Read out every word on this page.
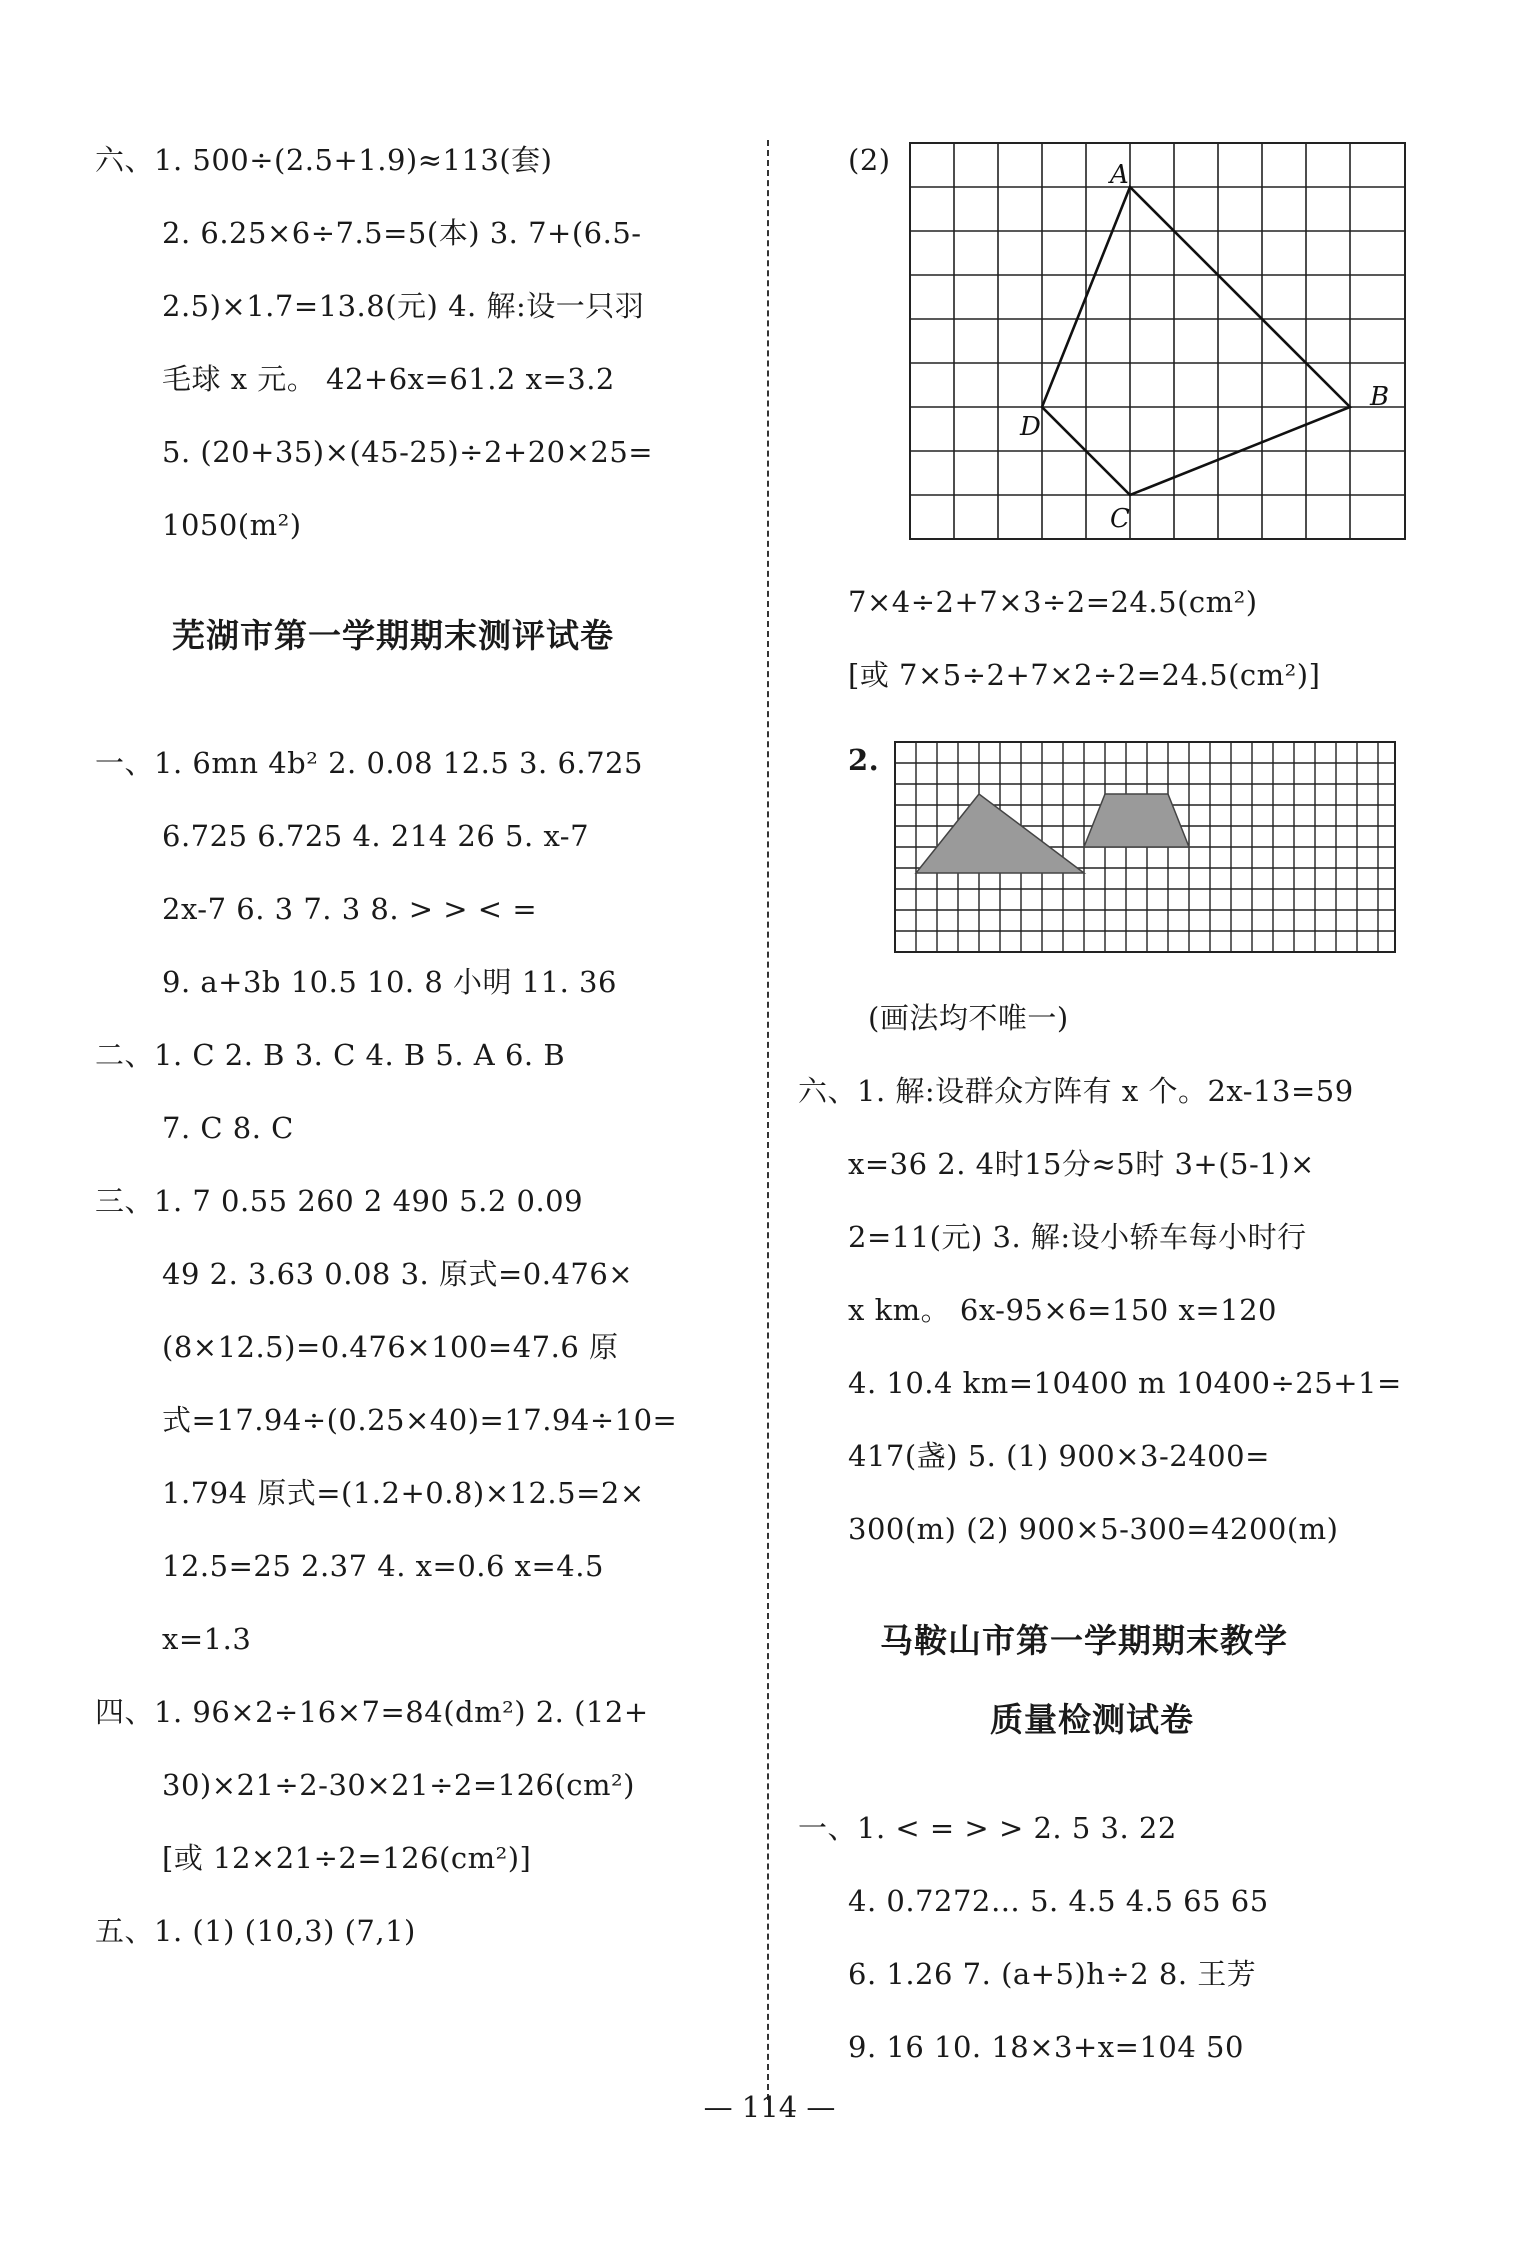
六、1. 500÷(2.5+1.9)≈113(套)
2. 6.25×6÷7.5=5(本) 3. 7+(6.5-
2.5)×1.7=13.8(元) 4. 解:设一只羽
毛球 x 元。 42+6x=61.2 x=3.2
5. (20+35)×(45-25)÷2+20×25=
1050(m²)
芜湖市第一学期期末测评试卷
一、1. 6mn 4b² 2. 0.08 12.5 3. 6.725
6.725 6.725 4. 214 26 5. x-7
2x-7 6. 3 7. 3 8. > > < =
9. a+3b 10.5 10. 8 小明 11. 36
二、1. C 2. B 3. C 4. B 5. A 6. B
7. C 8. C
三、1. 7 0.55 260 2 490 5.2 0.09
49 2. 3.63 0.08 3. 原式=0.476×
(8×12.5)=0.476×100=47.6 原
式=17.94÷(0.25×40)=17.94÷10=
1.794 原式=(1.2+0.8)×12.5=2×
12.5=25 2.37 4. x=0.6 x=4.5
x=1.3
四、1. 96×2÷16×7=84(dm²) 2. (12+
30)×21÷2-30×21÷2=126(cm²)
[或 12×21÷2=126(cm²)]
五、1. (1) (10,3) (7,1)
(2)	A
B
C
D
7×4÷2+7×3÷2=24.5(cm²)
[或 7×5÷2+7×2÷2=24.5(cm²)]
2.
(画法均不唯一)
六、1. 解:设群众方阵有 x 个。2x-13=59
x=36 2. 4时15分≈5时 3+(5-1)×
2=11(元) 3. 解:设小轿车每小时行
x km。 6x-95×6=150 x=120
4. 10.4 km=10400 m 10400÷25+1=
417(盏) 5. (1) 900×3-2400=
300(m) (2) 900×5-300=4200(m)
马鞍山市第一学期期末教学
质量检测试卷
一、1. < = > > 2. 5 3. 22
4. 0.7272… 5. 4.5 4.5 65 65
6. 1.26 7. (a+5)h÷2 8. 王芳
9. 16 10. 18×3+x=104 50
— 114 —
